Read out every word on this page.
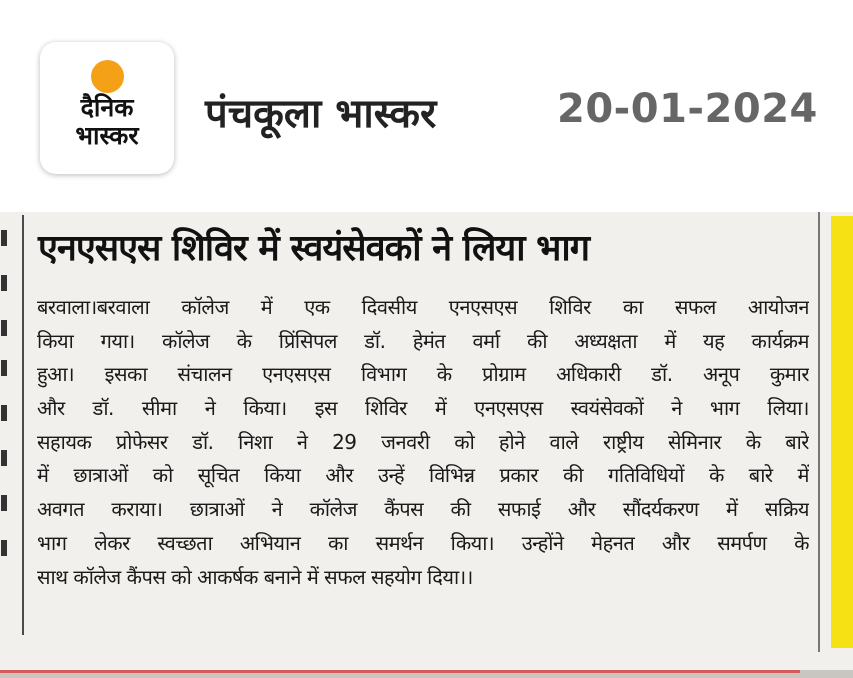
दैनिक
भास्कर	पंचकूला भास्कर	20-01-2024
एनएसएस शिविर में स्वयंसेवकों ने लिया भाग
बरवाला।बरवाला कॉलेज में एक दिवसीय एनएसएस शिविर का सफल आयोजन
किया गया। कॉलेज के प्रिंसिपल डॉ. हेमंत वर्मा की अध्यक्षता में यह कार्यक्रम
हुआ। इसका संचालन एनएसएस विभाग के प्रोग्राम अधिकारी डॉ. अनूप कुमार
और डॉ. सीमा ने किया। इस शिविर में एनएसएस स्वयंसेवकों ने भाग लिया।
सहायक प्रोफेसर डॉ. निशा ने 29 जनवरी को होने वाले राष्ट्रीय सेमिनार के बारे
में छात्राओं को सूचित किया और उन्हें विभिन्न प्रकार की गतिविधियों के बारे में
अवगत कराया। छात्राओं ने कॉलेज कैंपस की सफाई और सौंदर्यकरण में सक्रिय
भाग लेकर स्वच्छता अभियान का समर्थन किया। उन्होंने मेहनत और समर्पण के
साथ कॉलेज कैंपस को आकर्षक बनाने में सफल सहयोग दिया।।
